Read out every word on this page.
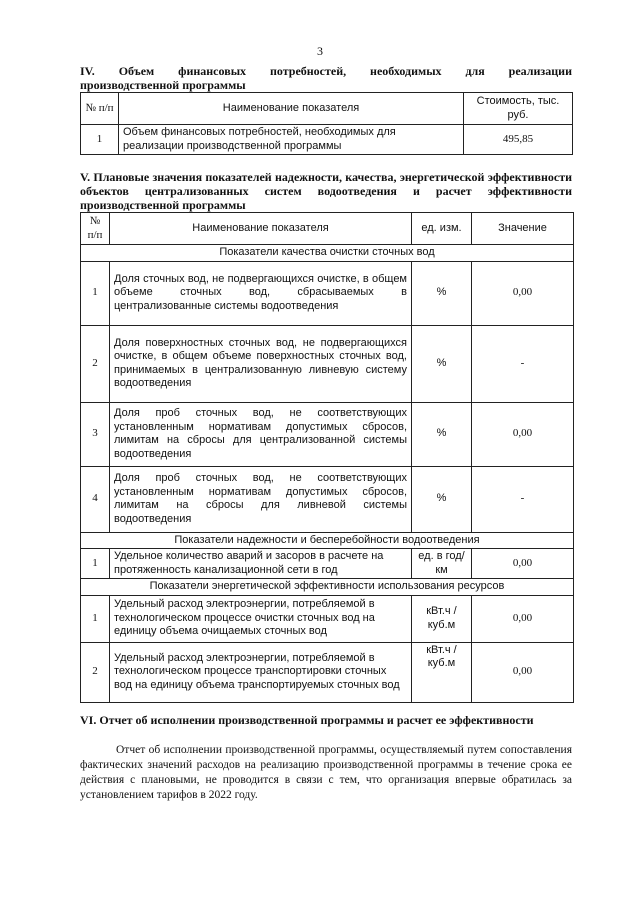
3
IV. Объем финансовых потребностей, необходимых для реализации
производственной программы
№ п/п	Наименование показателя	Стоимость, тыс. руб.
1	Объем финансовых потребностей, необходимых для реализации производственной программы	495,85
V. Плановые значения показателей надежности, качества, энергетической эффективности объектов централизованных систем водоотведения и расчет эффективности производственной программы
№ п/п	Наименование показателя	ед. изм.	Значение
Показатели качества очистки сточных вод			
1	Доля сточных вод, не подвергающихся очистке, в общем объеме сточных вод, сбрасываемых в централизованные системы водоотведения	%	0,00
2	Доля поверхностных сточных вод, не подвергающихся очистке, в общем объеме поверхностных сточных вод, принимаемых в централизованную ливневую систему водоотведения	%	-
3	Доля проб сточных вод, не соответствующих установленным нормативам допустимых сбросов, лимитам на сбросы для централизованной системы водоотведения	%	0,00
4	Доля проб сточных вод, не соответствующих установленным нормативам допустимых сбросов, лимитам на сбросы для ливневой системы водоотведения	%	-
Показатели надежности и бесперебойности водоотведения			
1	Удельное количество аварий и засоров в расчете на протяженность канализационной сети в год	ед. в год/ км	0,00
Показатели энергетической эффективности использования ресурсов			
1	Удельный расход электроэнергии, потребляемой в технологическом процессе очистки сточных вод на единицу объема очищаемых сточных вод	кВт.ч / куб.м	0,00
2	Удельный расход электроэнергии, потребляемой в технологическом процессе транспортировки сточных вод на единицу объема транспортируемых сточных вод	кВт.ч / куб.м	0,00
VI. Отчет об исполнении производственной программы и расчет ее эффективности
Отчет об исполнении производственной программы, осуществляемый путем сопоставления фактических значений расходов на реализацию производственной программы в течение срока ее действия с плановыми, не проводится в связи с тем, что организация впервые обратилась за установлением тарифов в 2022 году.
